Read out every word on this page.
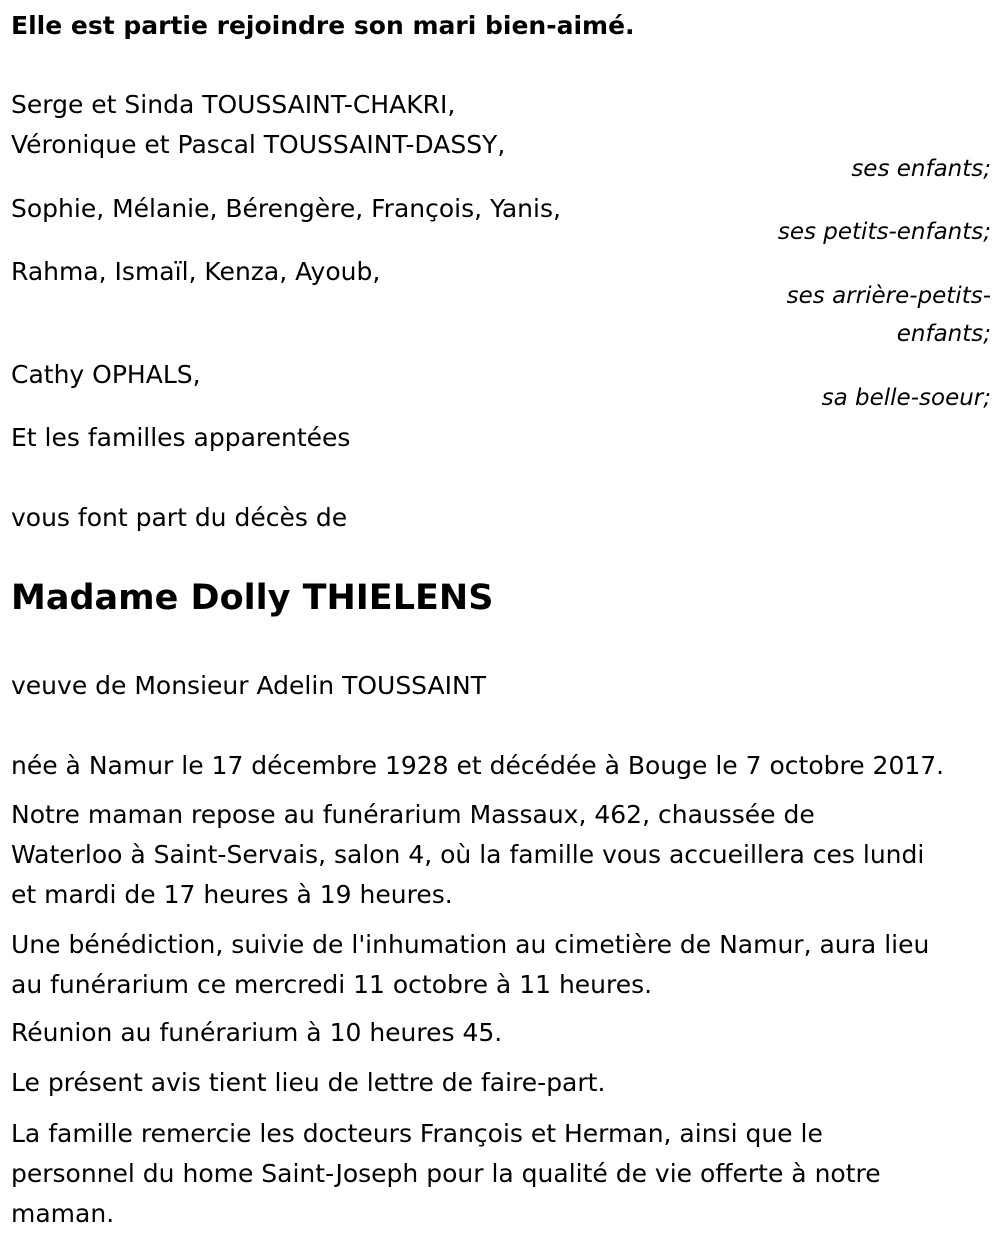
Elle est partie rejoindre son mari bien-aimé.

Serge et Sinda TOUSSAINT-CHAKRI,

Véronique et Pascal TOUSSAINT-DASSY,

ses enfants;

Sophie, Mélanie, Bérengère, François, Yanis,

ses petits-enfants;

Rahma, Ismaïl, Kenza, Ayoub,

ses arrière-petits-

enfants;

Cathy OPHALS,

sa belle-soeur;

Et les familles apparentées

vous font part du décès de

Madame Dolly THIELENS

veuve de Monsieur Adelin TOUSSAINT

née à Namur le 17 décembre 1928 et décédée à Bouge le 7 octobre 2017.

Notre maman repose au funérarium Massaux, 462, chaussée de

Waterloo à Saint-Servais, salon 4, où la famille vous accueillera ces lundi

et mardi de 17 heures à 19 heures.

Une bénédiction, suivie de l'inhumation au cimetière de Namur, aura lieu

au funérarium ce mercredi 11 octobre à 11 heures.

Réunion au funérarium à 10 heures 45.

Le présent avis tient lieu de lettre de faire-part.

La famille remercie les docteurs François et Herman, ainsi que le

personnel du home Saint-Joseph pour la qualité de vie offerte à notre

maman.
